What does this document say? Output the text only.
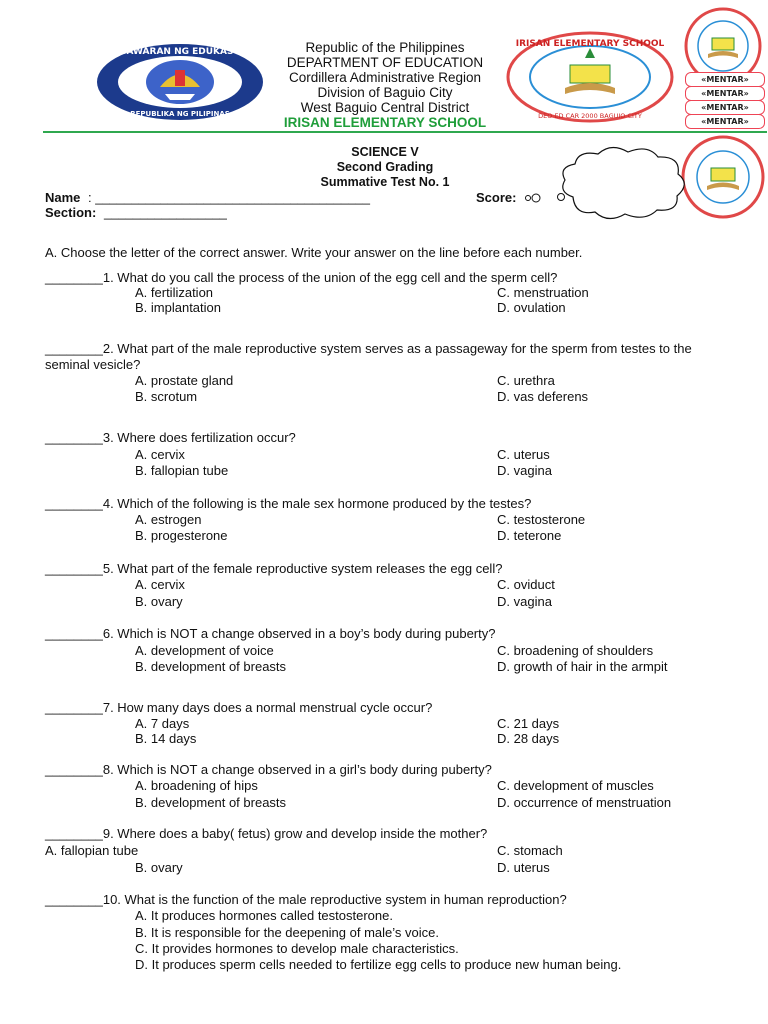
KAGAWARAN NG EDUKASYON
REPUBLIKA NG PILIPINAS
Republic of the Philippines
DEPARTMENT OF EDUCATION
Cordillera Administrative Region
Division of Baguio City
West Baguio Central District
IRISAN ELEMENTARY SCHOOL
IRISAN ELEMENTARY SCHOOL
DEO ED CAR 2000 BAGUIO CITY
«MENTAR»
«MENTAR»
«MENTAR»
«MENTAR»
SCIENCE V
Second Grading
Summative Test No. 1
Name : ______________________________________	Score:
Section: _________________
A. Choose the letter of the correct answer. Write your answer on the line before each number.
________1. What do you call the process of the union of the egg cell and the sperm cell?
A. fertilization	C. menstruation
B. implantation	D. ovulation
________2. What part of the male reproductive system serves as a passageway for the sperm from testes to the seminal vesicle?
A. prostate gland	C. urethra
B. scrotum	D. vas deferens
________3. Where does fertilization occur?
A. cervix	C. uterus
B. fallopian tube	D. vagina
________4. Which of the following is the male sex hormone produced by the testes?
A. estrogen	C. testosterone
B. progesterone	D. teterone
________5. What part of the female reproductive system releases the egg cell?
A. cervix	C. oviduct
B. ovary	D. vagina
________6. Which is NOT a change observed in a boy’s body during puberty?
A. development of voice	C. broadening of shoulders
B. development of breasts	D. growth of hair in the armpit
________7. How many days does a normal menstrual cycle occur?
A. 7 days	C. 21 days
B. 14 days	D. 28 days
________8. Which is NOT a change observed in a girl’s body during puberty?
A. broadening of hips	C. development of muscles
B. development of breasts	D. occurrence of menstruation
________9. Where does a baby( fetus) grow and develop inside the mother?
A. fallopian tube	C. stomach
B. ovary	D. uterus
________10. What is the function of the male reproductive system in human reproduction?
A. It produces hormones called testosterone.
B. It is responsible for the deepening of male’s voice.
C. It provides hormones to develop male characteristics.
D. It produces sperm cells needed to fertilize egg cells to produce new human being.
